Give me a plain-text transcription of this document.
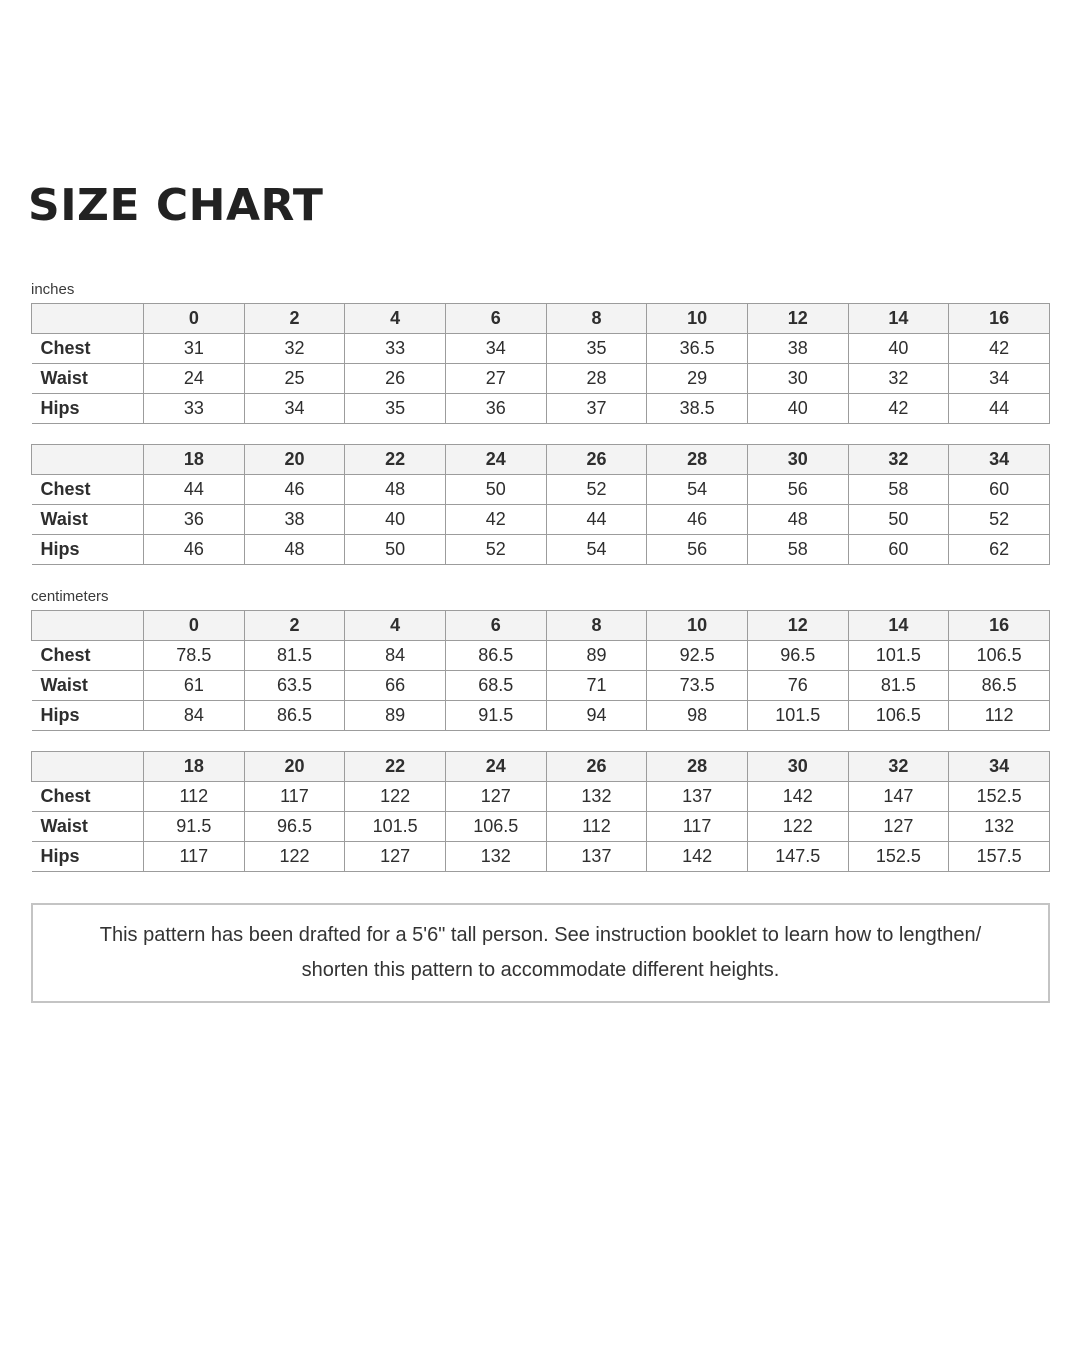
SIZE CHART
inches
	0	2	4	6	8	10	12	14	16
Chest	31	32	33	34	35	36.5	38	40	42
Waist	24	25	26	27	28	29	30	32	34
Hips	33	34	35	36	37	38.5	40	42	44
	18	20	22	24	26	28	30	32	34
Chest	44	46	48	50	52	54	56	58	60
Waist	36	38	40	42	44	46	48	50	52
Hips	46	48	50	52	54	56	58	60	62
centimeters
	0	2	4	6	8	10	12	14	16
Chest	78.5	81.5	84	86.5	89	92.5	96.5	101.5	106.5
Waist	61	63.5	66	68.5	71	73.5	76	81.5	86.5
Hips	84	86.5	89	91.5	94	98	101.5	106.5	112
	18	20	22	24	26	28	30	32	34
Chest	112	117	122	127	132	137	142	147	152.5
Waist	91.5	96.5	101.5	106.5	112	117	122	127	132
Hips	117	122	127	132	137	142	147.5	152.5	157.5

This pattern has been drafted for a 5'6" tall person. See instruction booklet to learn how to lengthen/ shorten this pattern to accommodate different heights.
